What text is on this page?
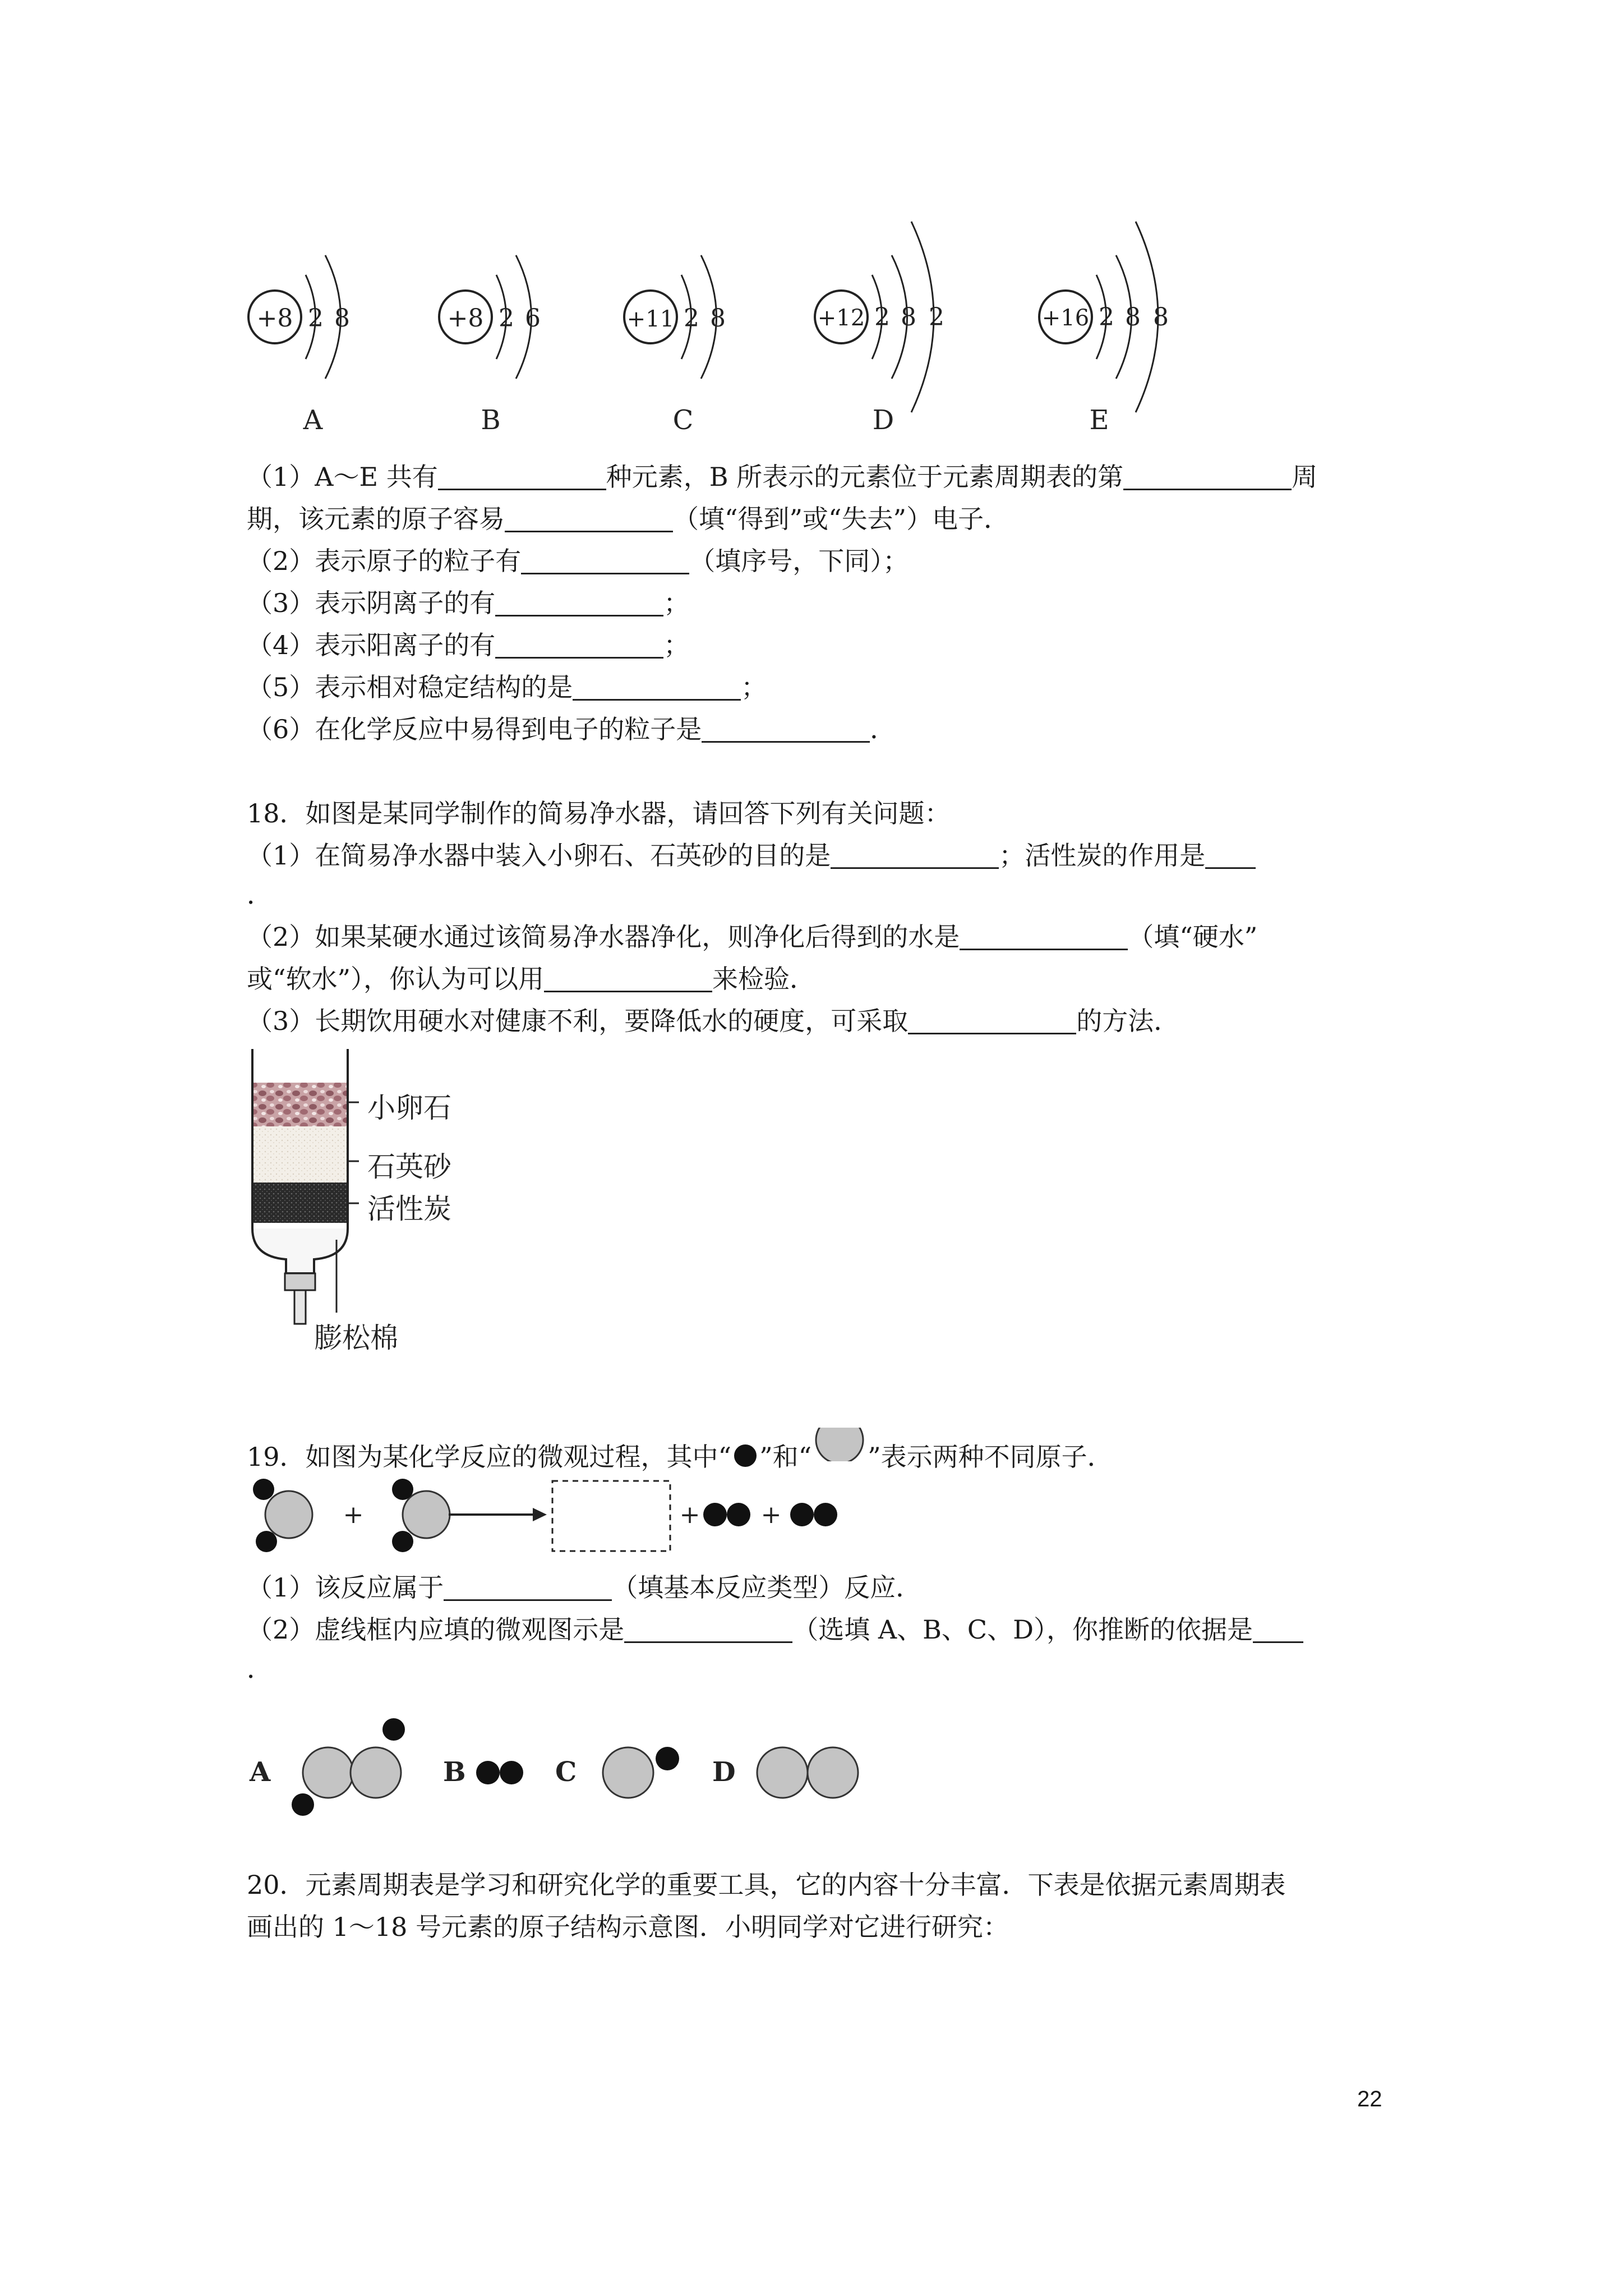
+8 2 8
A
+8 2 6
B
+11 2 8
C
+12 2 8 2
D
+16 2 8 8
E
（1）A～E 共有	种元素，B 所表示的元素位于元素周期表的第	周
期，该元素的原子容易	（填“得到”或“失去”）电子．
（2）表示原子的粒子有	（填序号，下同）；
（3）表示阴离子的有	；
（4）表示阳离子的有	；
（5）表示相对稳定结构的是	；
（6）在化学反应中易得到电子的粒子是	．
18．如图是某同学制作的简易净水器，请回答下列有关问题：
（1）在简易净水器中装入小卵石、石英砂的目的是	；活性炭的作用是
．
（2）如果某硬水通过该简易净水器净化，则净化后得到的水是	（填“硬水”
或“软水”），你认为可以用	来检验．
（3）长期饮用硬水对健康不利，要降低水的硬度，可采取	的方法．
小卵石
石英砂
活性炭
膨松棉
19．如图为某化学反应的微观过程，其中“ ”和“ ”表示两种不同原子．
+	+ +
（1）该反应属于	（填基本反应类型）反应．
（2）虚线框内应填的微观图示是	（选填 A、B、C、D），你推断的依据是
．
A	B	C	D
20．元素周期表是学习和研究化学的重要工具，它的内容十分丰富．下表是依据元素周期表
画出的 1～18 号元素的原子结构示意图．小明同学对它进行研究：
22
